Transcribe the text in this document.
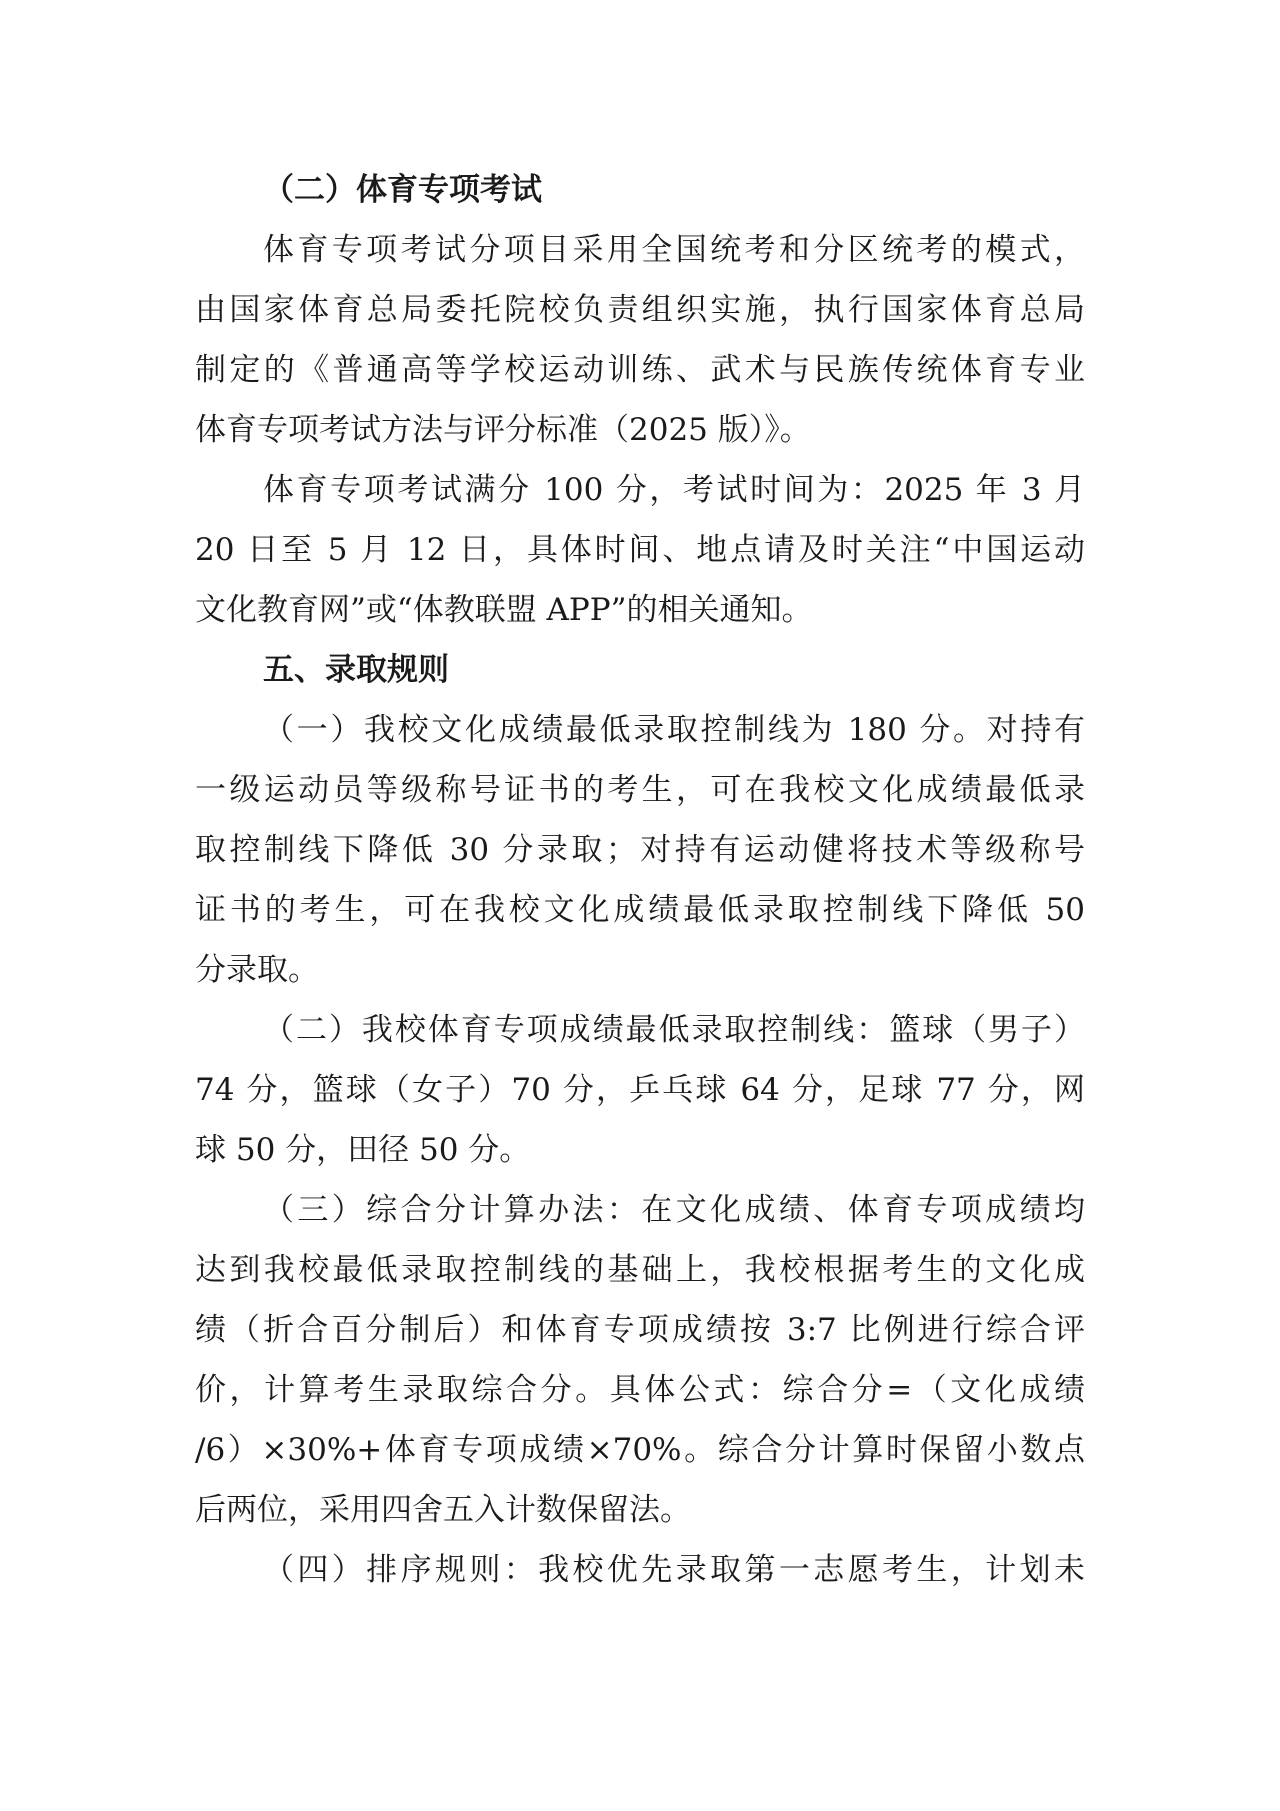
（二）体育专项考试
体育专项考试分项目采用全国统考和分区统考的模式，
由国家体育总局委托院校负责组织实施，执行国家体育总局
制定的《普通高等学校运动训练、武术与民族传统体育专业
体育专项考试方法与评分标准（2025 版）》。
体育专项考试满分 100 分，考试时间为：2025 年 3 月
20 日至 5 月 12 日，具体时间、地点请及时关注“中国运动
文化教育网”或“体教联盟 APP”的相关通知。
五、录取规则
（一）我校文化成绩最低录取控制线为 180 分。对持有
一级运动员等级称号证书的考生，可在我校文化成绩最低录
取控制线下降低 30 分录取；对持有运动健将技术等级称号
证书的考生，可在我校文化成绩最低录取控制线下降低 50
分录取。
（二）我校体育专项成绩最低录取控制线：篮球（男子）
74 分，篮球（女子）70 分，乒乓球 64 分，足球 77 分，网
球 50 分，田径 50 分。
（三）综合分计算办法：在文化成绩、体育专项成绩均
达到我校最低录取控制线的基础上，我校根据考生的文化成
绩（折合百分制后）和体育专项成绩按 3:7 比例进行综合评
价，计算考生录取综合分。具体公式：综合分=（文化成绩
/6）×30%+体育专项成绩×70%。综合分计算时保留小数点
后两位，采用四舍五入计数保留法。
（四）排序规则：我校优先录取第一志愿考生，计划未
